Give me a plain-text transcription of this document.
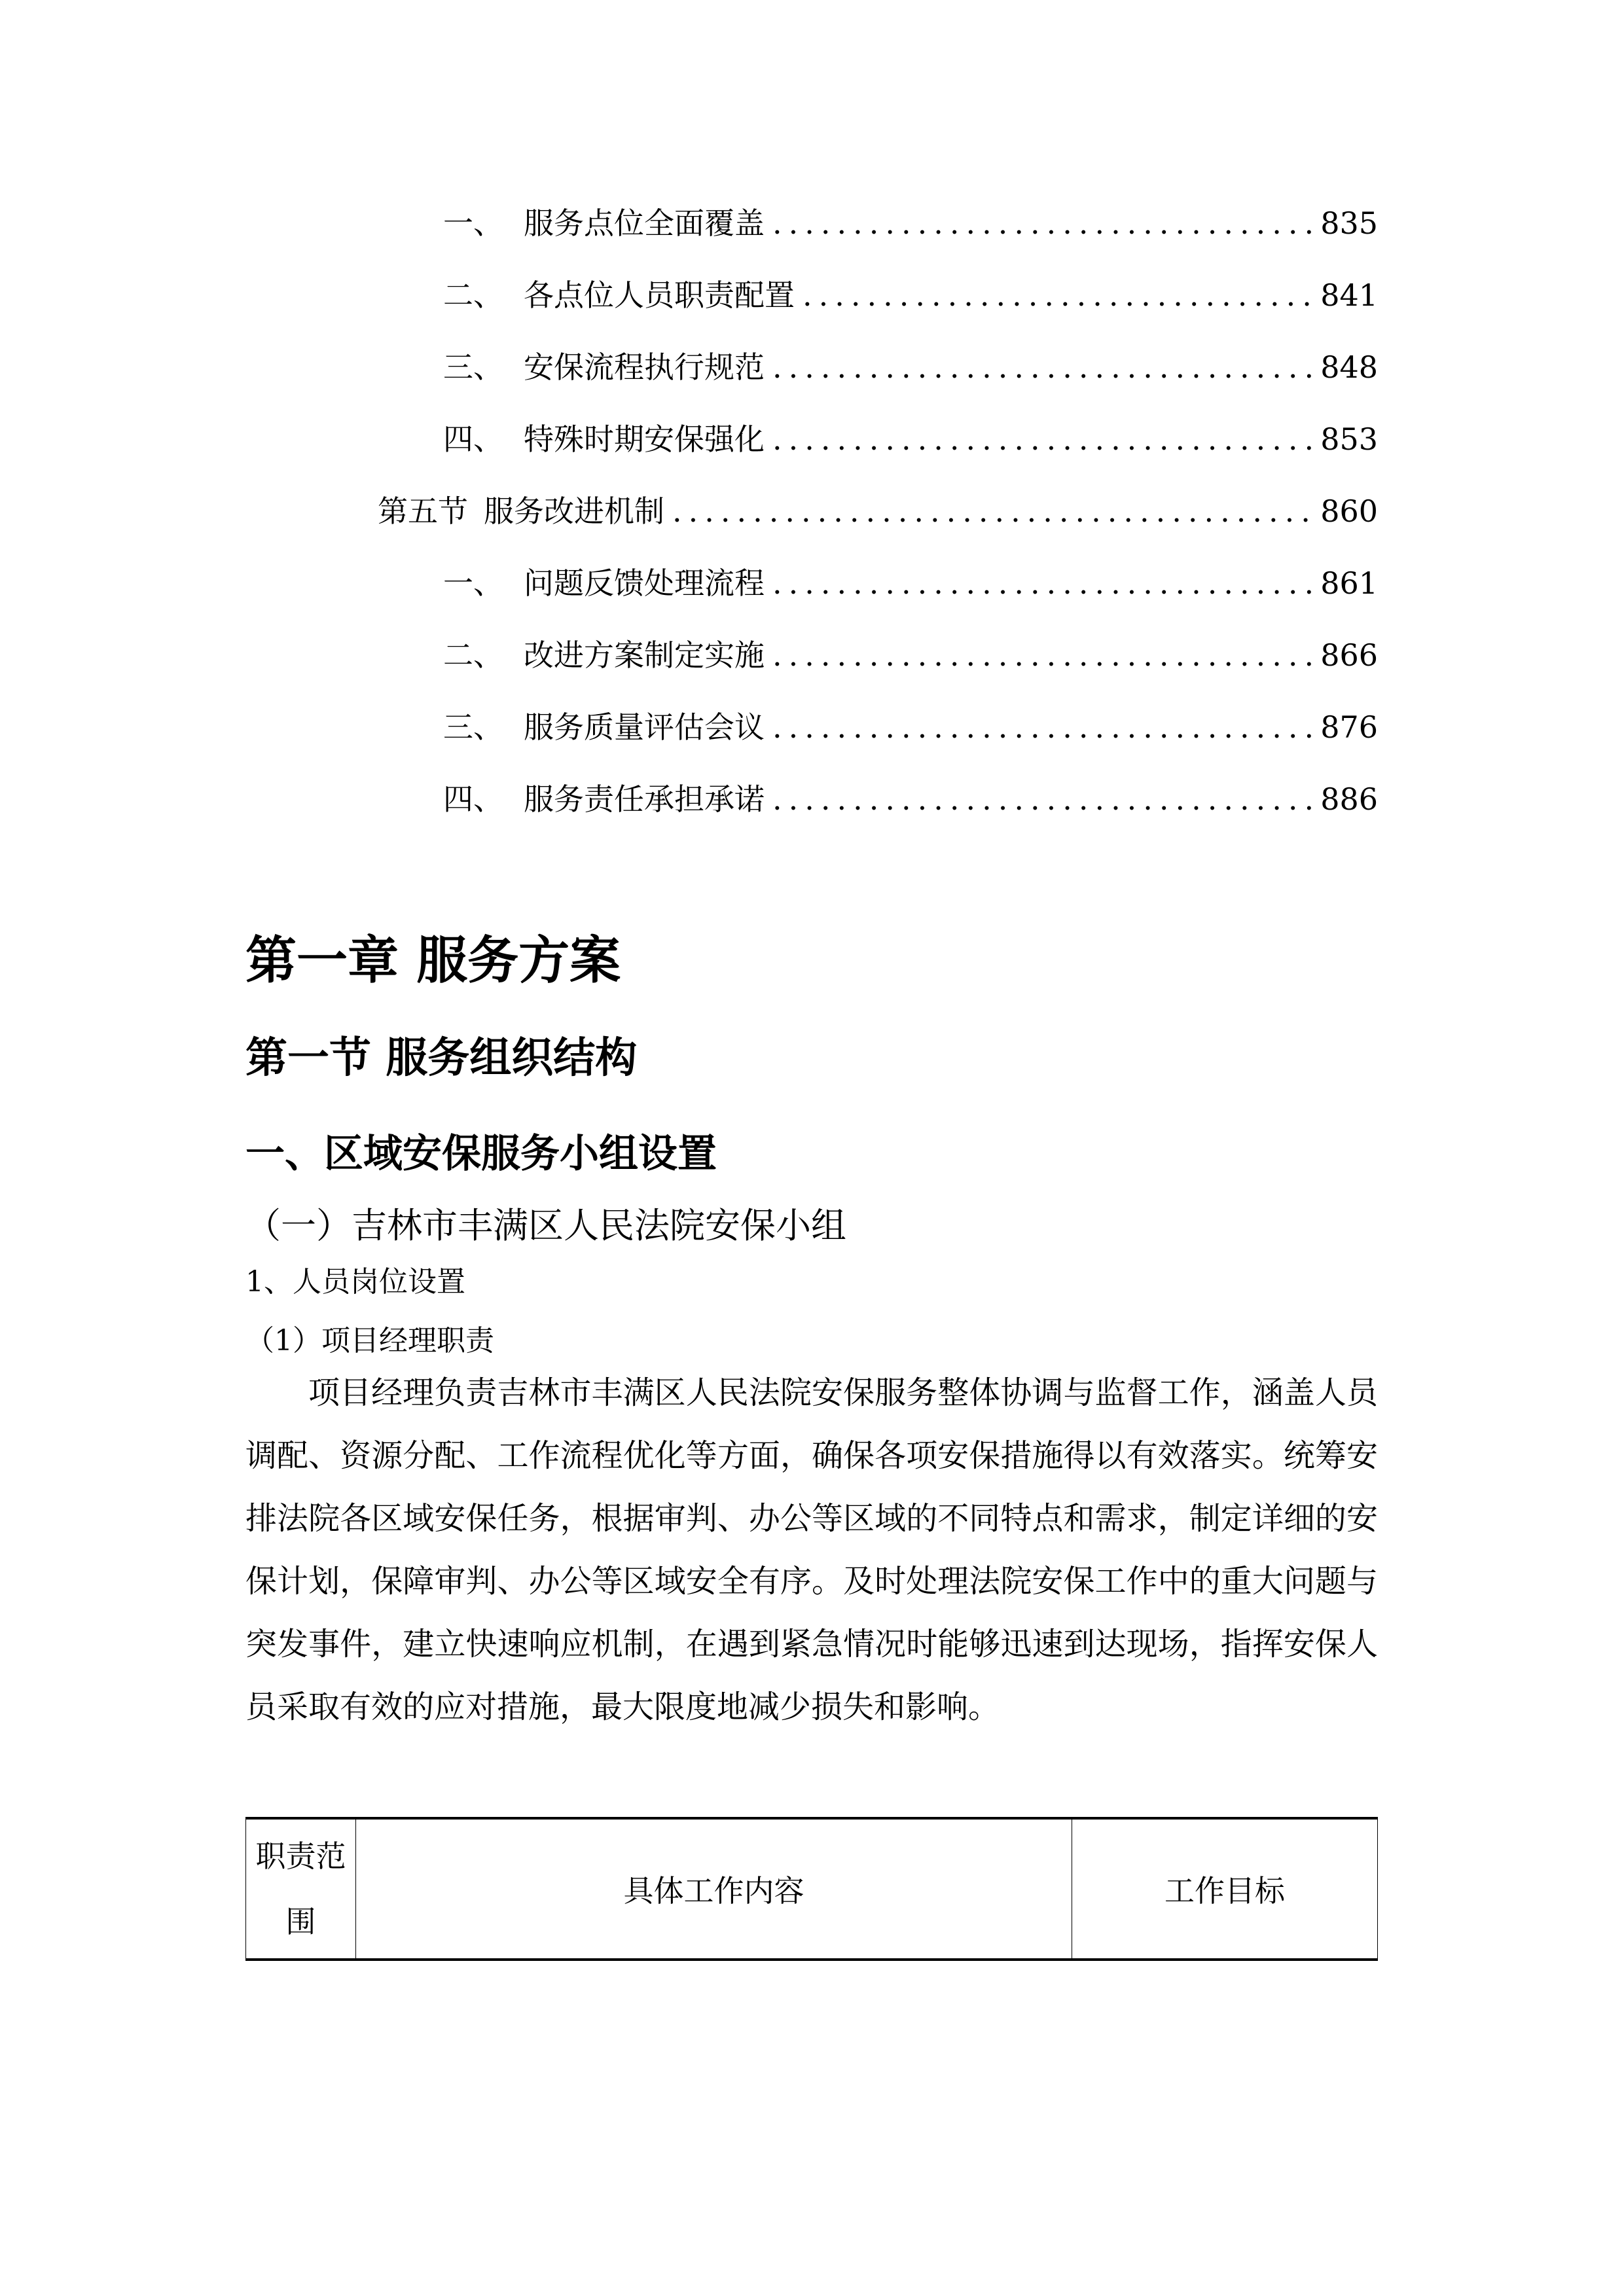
一、 服务点位全面覆盖 .....	835
二、 各点位人员职责配置 .....	841
三、 安保流程执行规范 .....	848
四、 特殊时期安保强化 .....	853
第五节 服务改进机制 .....	860
一、 问题反馈处理流程 .....	861
二、 改进方案制定实施 .....	866
三、 服务质量评估会议 .....	876
四、 服务责任承担承诺 .....	886
第一章 服务方案
第一节 服务组织结构
一、区域安保服务小组设置
（一）吉林市丰满区人民法院安保小组
1、人员岗位设置
（1）项目经理职责
项目经理负责吉林市丰满区人民法院安保服务整体协调与监督工作，涵盖人员调配、资源分配、工作流程优化等方面，确保各项安保措施得以有效落实。统筹安排法院各区域安保任务，根据审判、办公等区域的不同特点和需求，制定详细的安保计划，保障审判、办公等区域安全有序。及时处理法院安保工作中的重大问题与突发事件，建立快速响应机制，在遇到紧急情况时能够迅速到达现场，指挥安保人员采取有效的应对措施，最大限度地减少损失和影响。
职责范围	具体工作内容	工作目标
